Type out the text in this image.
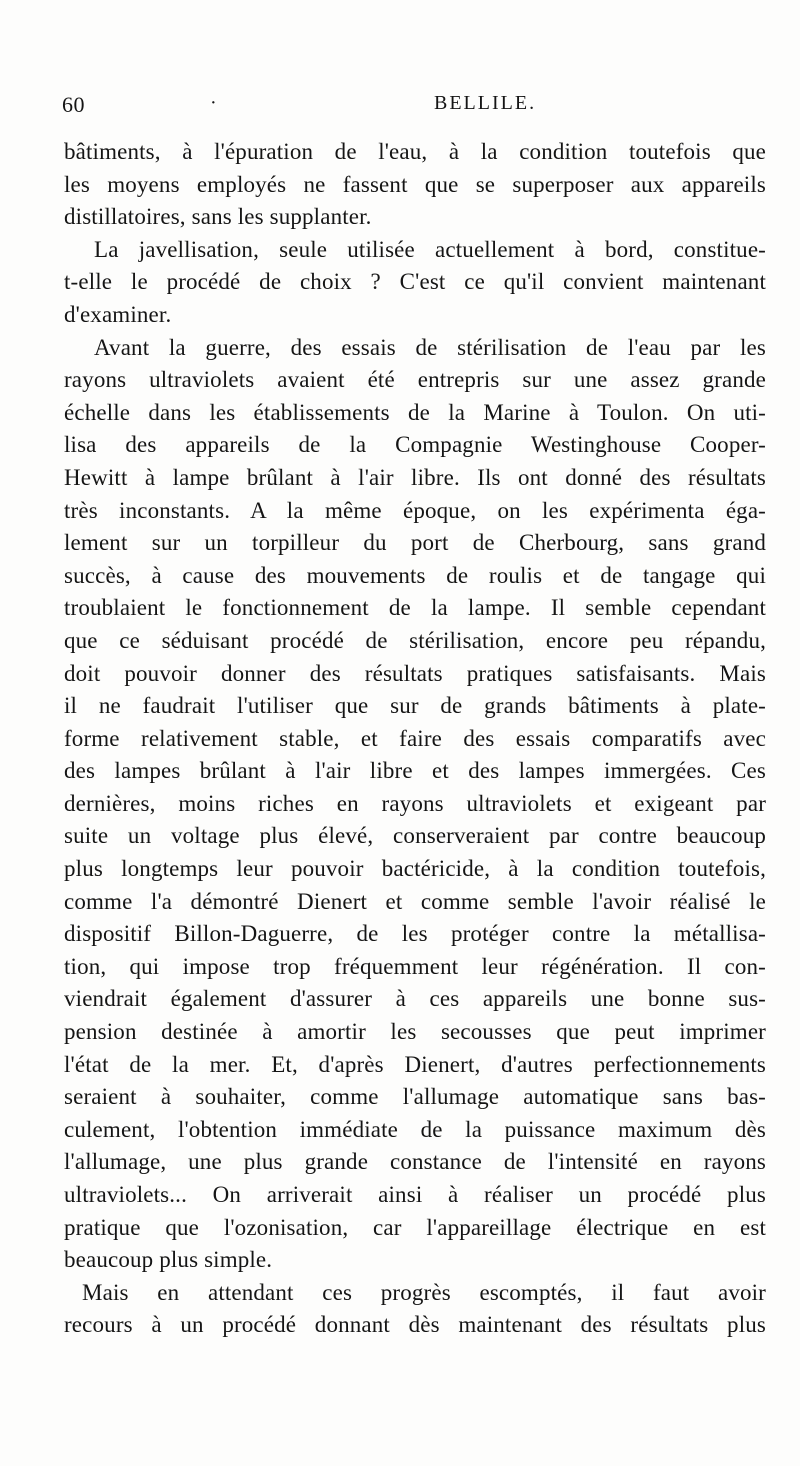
60	·	BELLILE.
bâtiments, à l'épuration de l'eau, à la condition toutefois que
les moyens employés ne fassent que se superposer aux appareils
distillatoires, sans les supplanter.
La javellisation, seule utilisée actuellement à bord, constitue-
t-elle le procédé de choix ? C'est ce qu'il convient maintenant
d'examiner.
Avant la guerre, des essais de stérilisation de l'eau par les
rayons ultraviolets avaient été entrepris sur une assez grande
échelle dans les établissements de la Marine à Toulon. On uti-
lisa des appareils de la Compagnie Westinghouse Cooper-
Hewitt à lampe brûlant à l'air libre. Ils ont donné des résultats
très inconstants. A la même époque, on les expérimenta éga-
lement sur un torpilleur du port de Cherbourg, sans grand
succès, à cause des mouvements de roulis et de tangage qui
troublaient le fonctionnement de la lampe. Il semble cependant
que ce séduisant procédé de stérilisation, encore peu répandu,
doit pouvoir donner des résultats pratiques satisfaisants. Mais
il ne faudrait l'utiliser que sur de grands bâtiments à plate-
forme relativement stable, et faire des essais comparatifs avec
des lampes brûlant à l'air libre et des lampes immergées. Ces
dernières, moins riches en rayons ultraviolets et exigeant par
suite un voltage plus élevé, conserveraient par contre beaucoup
plus longtemps leur pouvoir bactéricide, à la condition toutefois,
comme l'a démontré Dienert et comme semble l'avoir réalisé le
dispositif Billon-Daguerre, de les protéger contre la métallisa-
tion, qui impose trop fréquemment leur régénération. Il con-
viendrait également d'assurer à ces appareils une bonne sus-
pension destinée à amortir les secousses que peut imprimer
l'état de la mer. Et, d'après Dienert, d'autres perfectionnements
seraient à souhaiter, comme l'allumage automatique sans bas-
culement, l'obtention immédiate de la puissance maximum dès
l'allumage, une plus grande constance de l'intensité en rayons
ultraviolets... On arriverait ainsi à réaliser un procédé plus
pratique que l'ozonisation, car l'appareillage électrique en est
beaucoup plus simple.
Mais en attendant ces progrès escomptés, il faut avoir
recours à un procédé donnant dès maintenant des résultats plus
